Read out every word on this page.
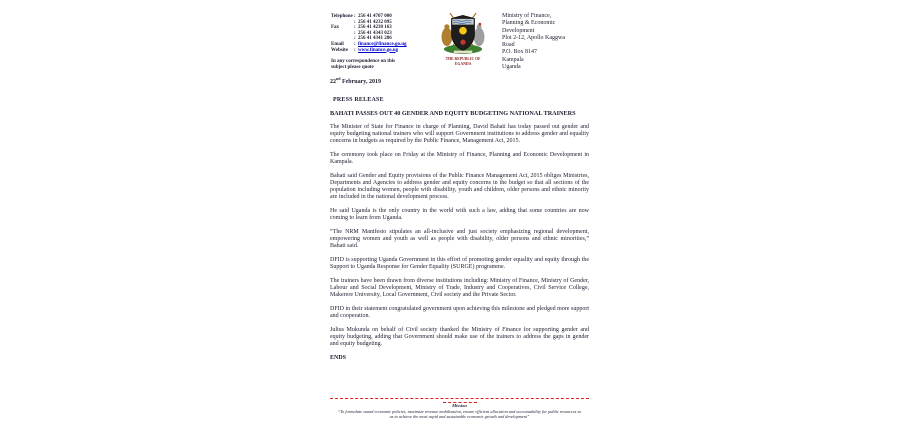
Telephone : 256 41 4707 000
: 256 41 4232 095
Fax	: 256 41 4230 163
: 256 41 4343 023
: 256 41 4341 286
Email	: finance@finance.go.ug
Website	: www.finance.go.ug
In any correspondence on this subject please quote
THE REPUBLIC OF
UGANDA
Ministry of Finance,
Planning & Economic
Development
Plot 2-12, Apollo Kaggwa
Road
P.O. Box 8147
Kampala
Uganda
22nd February, 2019
PRESS RELEASE
BAHATI PASSES OUT 40 GENDER AND EQUITY BUDGETING NATIONAL TRAINERS

The Minister of State for Finance in charge of Planning, David Bahati has today passed out gender and equity budgeting national trainers who will support Government institutions to address gender and equality concerns in budgets as required by the Public Finance, Management Act, 2015.

The ceremony took place on Friday at the Ministry of Finance, Planning and Economic Development in Kampala.

Bahati said Gender and Equity provisions of the Public Finance Management Act, 2015 obliges Ministries, Departments and Agencies to address gender and equity concerns in the budget so that all sections of the population including women, people with disability, youth and children, older persons and ethnic minority are included in the national development process.

He said Uganda is the only country in the world with such a law, adding that some countries are now coming to learn from Uganda.

“The NRM Manifesto stipulates an all-inclusive and just society emphasizing regional development, empowering women and youth as well as people with disability, older persons and ethnic minorities,” Bahati said.

DFID is supporting Uganda Government in this effort of promoting gender equality and equity through the Support to Uganda Response for Gender Equality (SURGE) programme.

The trainers have been drawn from diverse institutions including: Ministry of Finance, Ministry of Gender, Labour and Social Development, Ministry of Trade, Industry and Cooperatives, Civil Service College, Makerere University, Local Government, Civil society and the Private Sector.

DFID in their statement congratulated government upon achieving this milestone and pledged more support and cooperation.

Julius Mukunda on behalf of Civil society thanked the Ministry of Finance for supporting gender and equity budgeting, adding that Government should make use of the trainers to address the gaps in gender and equity budgeting.

ENDS
Mission
“To formulate sound economic policies, maximize revenue mobilization, ensure efficient allocation and accountability for public resources so as to achieve the most rapid and sustainable economic growth and development”
